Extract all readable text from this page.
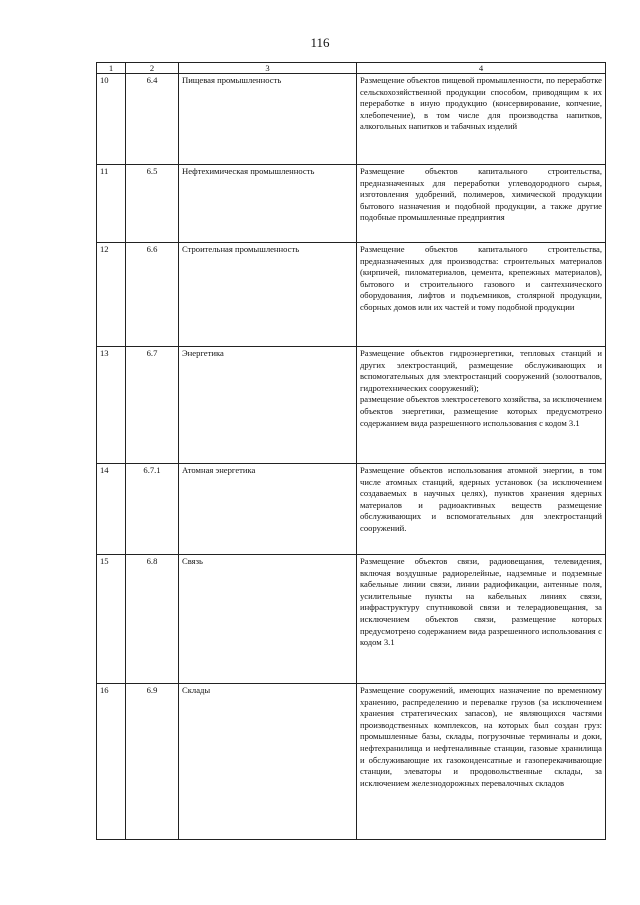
116
1	2	3	4
10	6.4	Пищевая промышленность	Размещение объектов пищевой промышленности, по переработке сельскохозяйственной продукции способом, приводящим к их переработке в иную продукцию (консервирование, копчение, хлебопечение), в том числе для производства напитков, алкогольных напитков и табачных изделий

11	6.5	Нефтехимическая промышленность	Размещение объектов капитального строительства, предназначенных для переработки углеводородного сырья, изготовления удобрений, полимеров, химической продукции бытового назначения и подобной продукции, а также другие подобные промышленные предприятия

12	6.6	Строительная промышленность	Размещение объектов капитального строительства, предназначенных для производства: строительных материалов (кирпичей, пиломатериалов, цемента, крепежных материалов), бытового и строительного газового и сантехнического оборудования, лифтов и подъемников, столярной продукции, сборных домов или их частей и тому подобной продукции

13	6.7	Энергетика	Размещение объектов гидроэнергетики, тепловых станций и других электростанций, размещение обслуживающих и вспомогательных для электростанций сооружений (золоотвалов, гидротехнических сооружений);
размещение объектов электросетевого хозяйства, за исключением объектов энергетики, размещение которых предусмотрено содержанием вида разрешенного использования с кодом 3.1

14	6.7.1	Атомная энергетика	Размещение объектов использования атомной энергии, в том числе атомных станций, ядерных установок (за исключением создаваемых в научных целях), пунктов хранения ядерных материалов и радиоактивных веществ размещение обслуживающих и вспомогательных для электростанций сооружений.

15	6.8	Связь	Размещение объектов связи, радиовещания, телевидения, включая воздушные радиорелейные, надземные и подземные кабельные линии связи, линии радиофикации, антенные поля, усилительные пункты на кабельных линиях связи, инфраструктуру спутниковой связи и телерадиовещания, за исключением объектов связи, размещение которых предусмотрено содержанием вида разрешенного использования с кодом 3.1

16	6.9	Склады	Размещение сооружений, имеющих назначение по временному хранению, распределению и перевалке грузов (за исключением хранения стратегических запасов), не являющихся частями производственных комплексов, на которых был создан груз: промышленные базы, склады, погрузочные терминалы и доки, нефтехранилища и нефтеналивные станции, газовые хранилища и обслуживающие их газоконденсатные и газоперекачивающие станции, элеваторы и продовольственные склады, за исключением железнодорожных перевалочных складов
